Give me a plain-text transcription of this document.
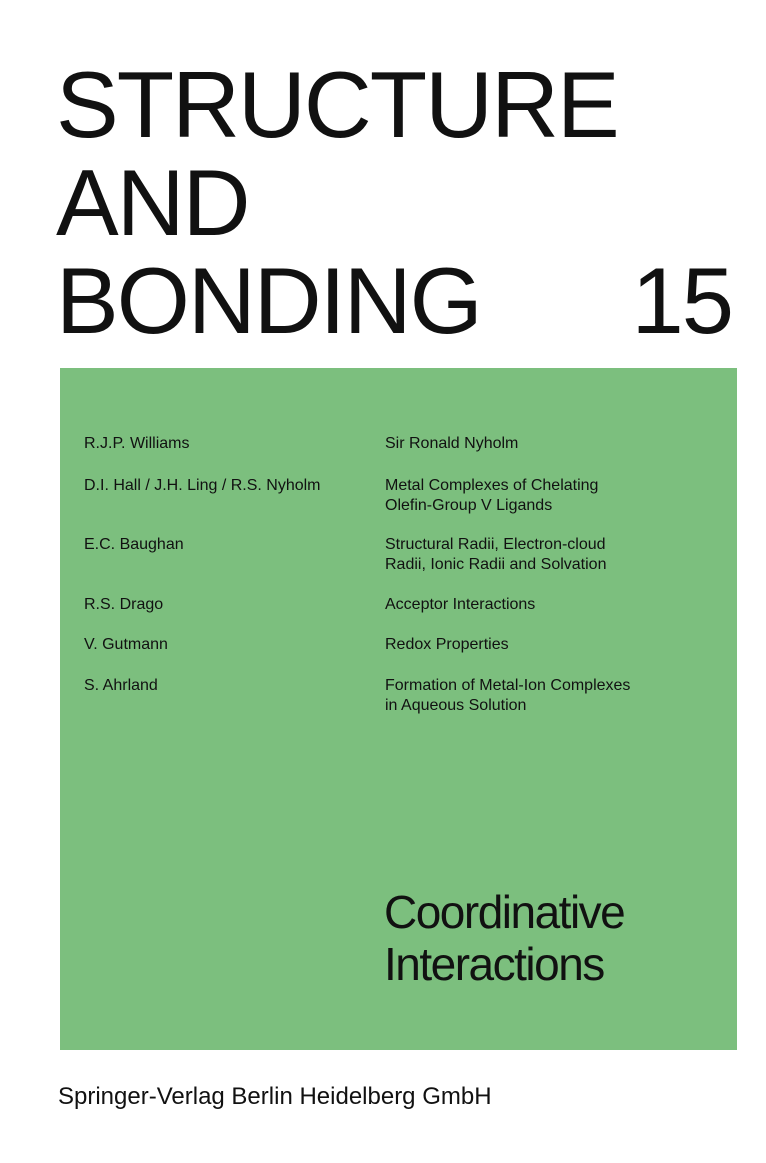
STRUCTURE
AND
BONDING 15
R.J.P. Williams	Sir Ronald Nyholm
D.I. Hall / J.H. Ling / R.S. Nyholm	Metal Complexes of Chelating
Olefin-Group V Ligands
E.C. Baughan	Structural Radii, Electron-cloud
Radii, Ionic Radii and Solvation
R.S. Drago	Acceptor Interactions
V. Gutmann	Redox Properties
S. Ahrland	Formation of Metal-Ion Complexes
in Aqueous Solution
Coordinative
Interactions
Springer-Verlag Berlin Heidelberg GmbH
